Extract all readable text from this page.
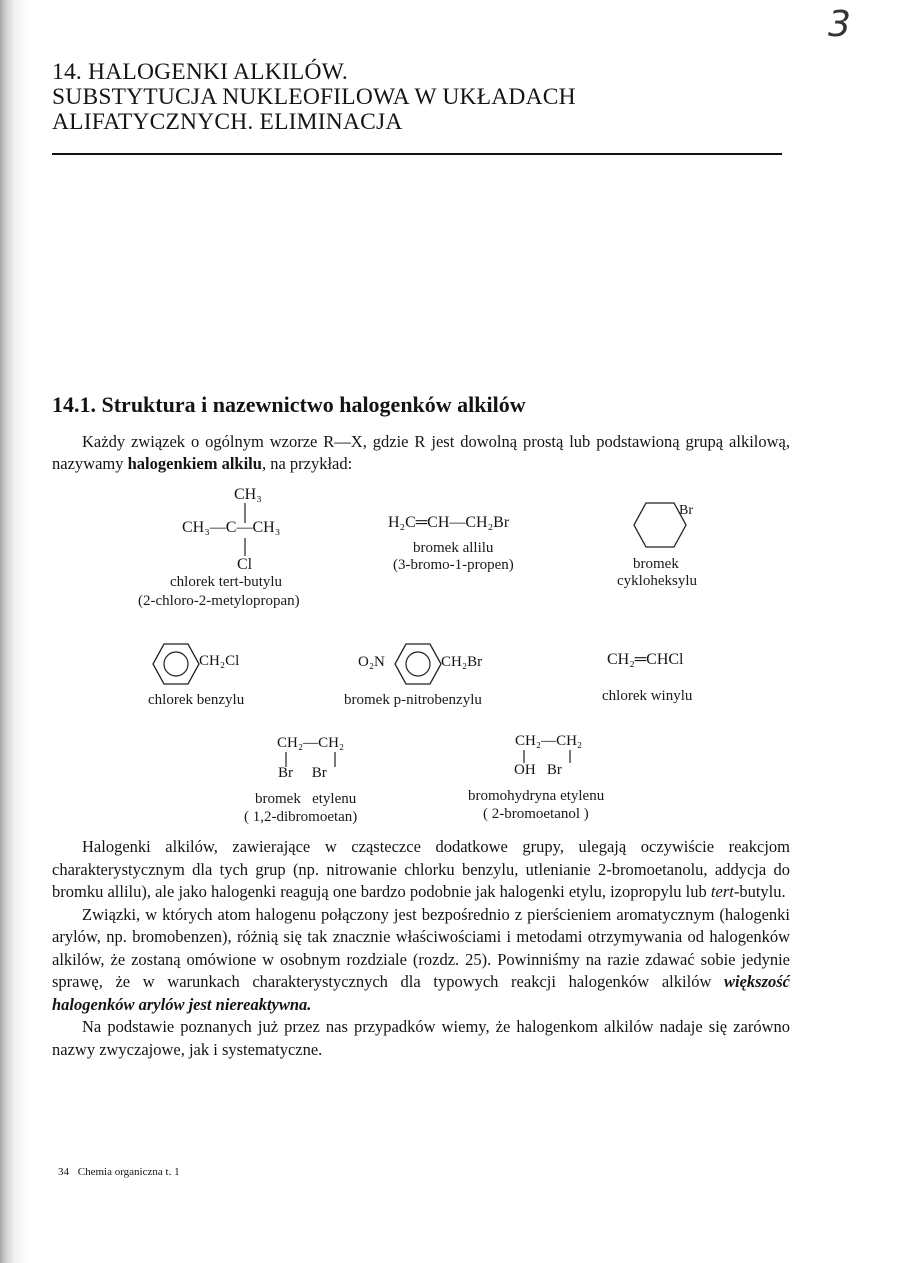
3
14. HALOGENKI ALKILÓW.
SUBSTYTUCJA NUKLEOFILOWA W UKŁADACH
ALIFATYCZNYCH. ELIMINACJA
14.1. Struktura i nazewnictwo halogenków alkilów

Każdy związek o ogólnym wzorze R—X, gdzie R jest dowolną prostą lub podstawioną grupą alkilową, nazywamy halogenkiem alkilu, na przykład:

CH₃
CH₃—C—CH₃
Cl
chlorek tert-butylu
(2-chloro-2-metylopropan)
H₂C═CH—CH₂Br
bromek allilu
(3-bromo-1-propen)
Br
bromek
cykloheksylu
CH₂Cl
chlorek benzylu
O₂N	CH₂Br
bromek p-nitrobenzylu
CH₂═CHCl
chlorek winylu
CH₂—CH₂
Br     Br
bromek   etylenu
( 1,2-dibromoetan)
CH₂—CH₂
OH   Br
bromohydryna etylenu
( 2-bromoetanol )

Halogenki alkilów, zawierające w cząsteczce dodatkowe grupy, ulegają oczywiście reakcjom charakterystycznym dla tych grup (np. nitrowanie chlorku benzylu, utlenianie 2-bromoetanolu, addycja do bromku allilu), ale jako halogenki reagują one bardzo podobnie jak halogenki etylu, izopropylu lub tert-butylu.

Związki, w których atom halogenu połączony jest bezpośrednio z pierścieniem aromatycznym (halogenki arylów, np. bromobenzen), różnią się tak znacznie właściwościami i metodami otrzymywania od halogenków alkilów, że zostaną omówione w osobnym rozdziale (rozdz. 25). Powinniśmy na razie zdawać sobie jedynie sprawę, że w warunkach charakterystycznych dla typowych reakcji halogenków alkilów większość halogenków arylów jest niereaktywna.

Na podstawie poznanych już przez nas przypadków wiemy, że halogenkom alkilów nadaje się zarówno nazwy zwyczajowe, jak i systematyczne.

34 Chemia organiczna t. 1
